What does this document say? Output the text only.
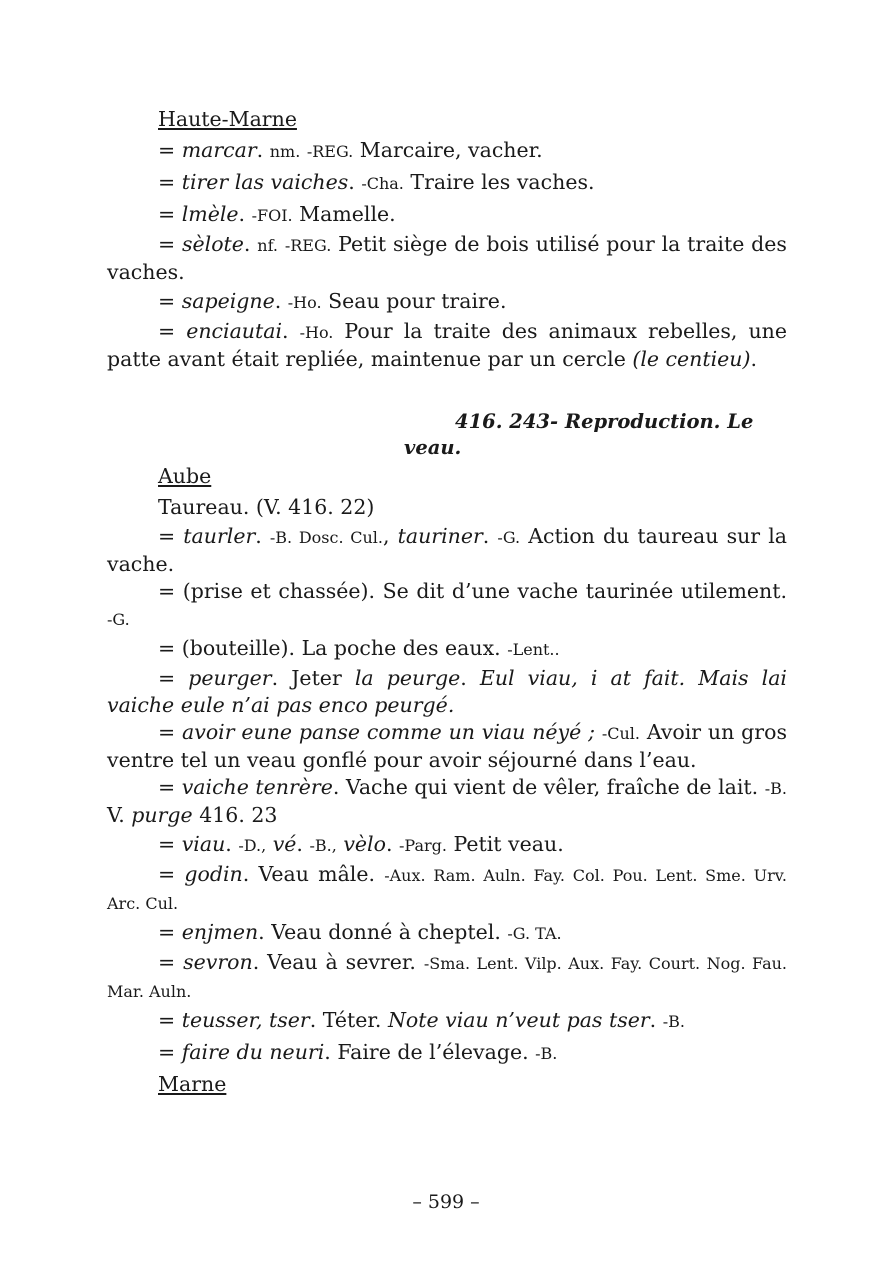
Haute-Marne

= marcar. nm. -REG. Marcaire, vacher.

= tirer las vaiches. -Cha. Traire les vaches.

= lmèle. -FOI. Mamelle.

= sèlote. nf. -REG. Petit siège de bois utilisé pour la traite des vaches.

= sapeigne. -Ho. Seau pour traire.

= enciautai. -Ho. Pour la traite des animaux rebelles, une patte avant était repliée, maintenue par un cercle (le centieu).

416. 243- Reproduction. Le
veau.

Aube

Taureau. (V. 416. 22)

= taurler. -B. Dosc. Cul., tauriner. -G. Action du taureau sur la vache.

= (prise et chassée). Se dit d’une vache taurinée utilement. -G.

= (bouteille). La poche des eaux. -Lent..

= peurger. Jeter la peurge. Eul viau, i at fait. Mais lai vaiche eule n’ai pas enco peurgé.

= avoir eune panse comme un viau néyé ; -Cul. Avoir un gros ventre tel un veau gonflé pour avoir séjourné dans l’eau.

= vaiche tenrère. Vache qui vient de vêler, fraîche de lait. -B. V. purge 416. 23

= viau. -D., vé. -B., vèlo. -Parg. Petit veau.

= godin. Veau mâle. -Aux. Ram. Auln. Fay. Col. Pou. Lent. Sme. Urv. Arc. Cul.

= enjmen. Veau donné à cheptel. -G. TA.

= sevron. Veau à sevrer. -Sma. Lent. Vilp. Aux. Fay. Court. Nog. Fau. Mar. Auln.

= teusser, tser. Téter. Note viau n’veut pas tser. -B.

= faire du neuri. Faire de l’élevage. -B.

Marne

– 599 –
